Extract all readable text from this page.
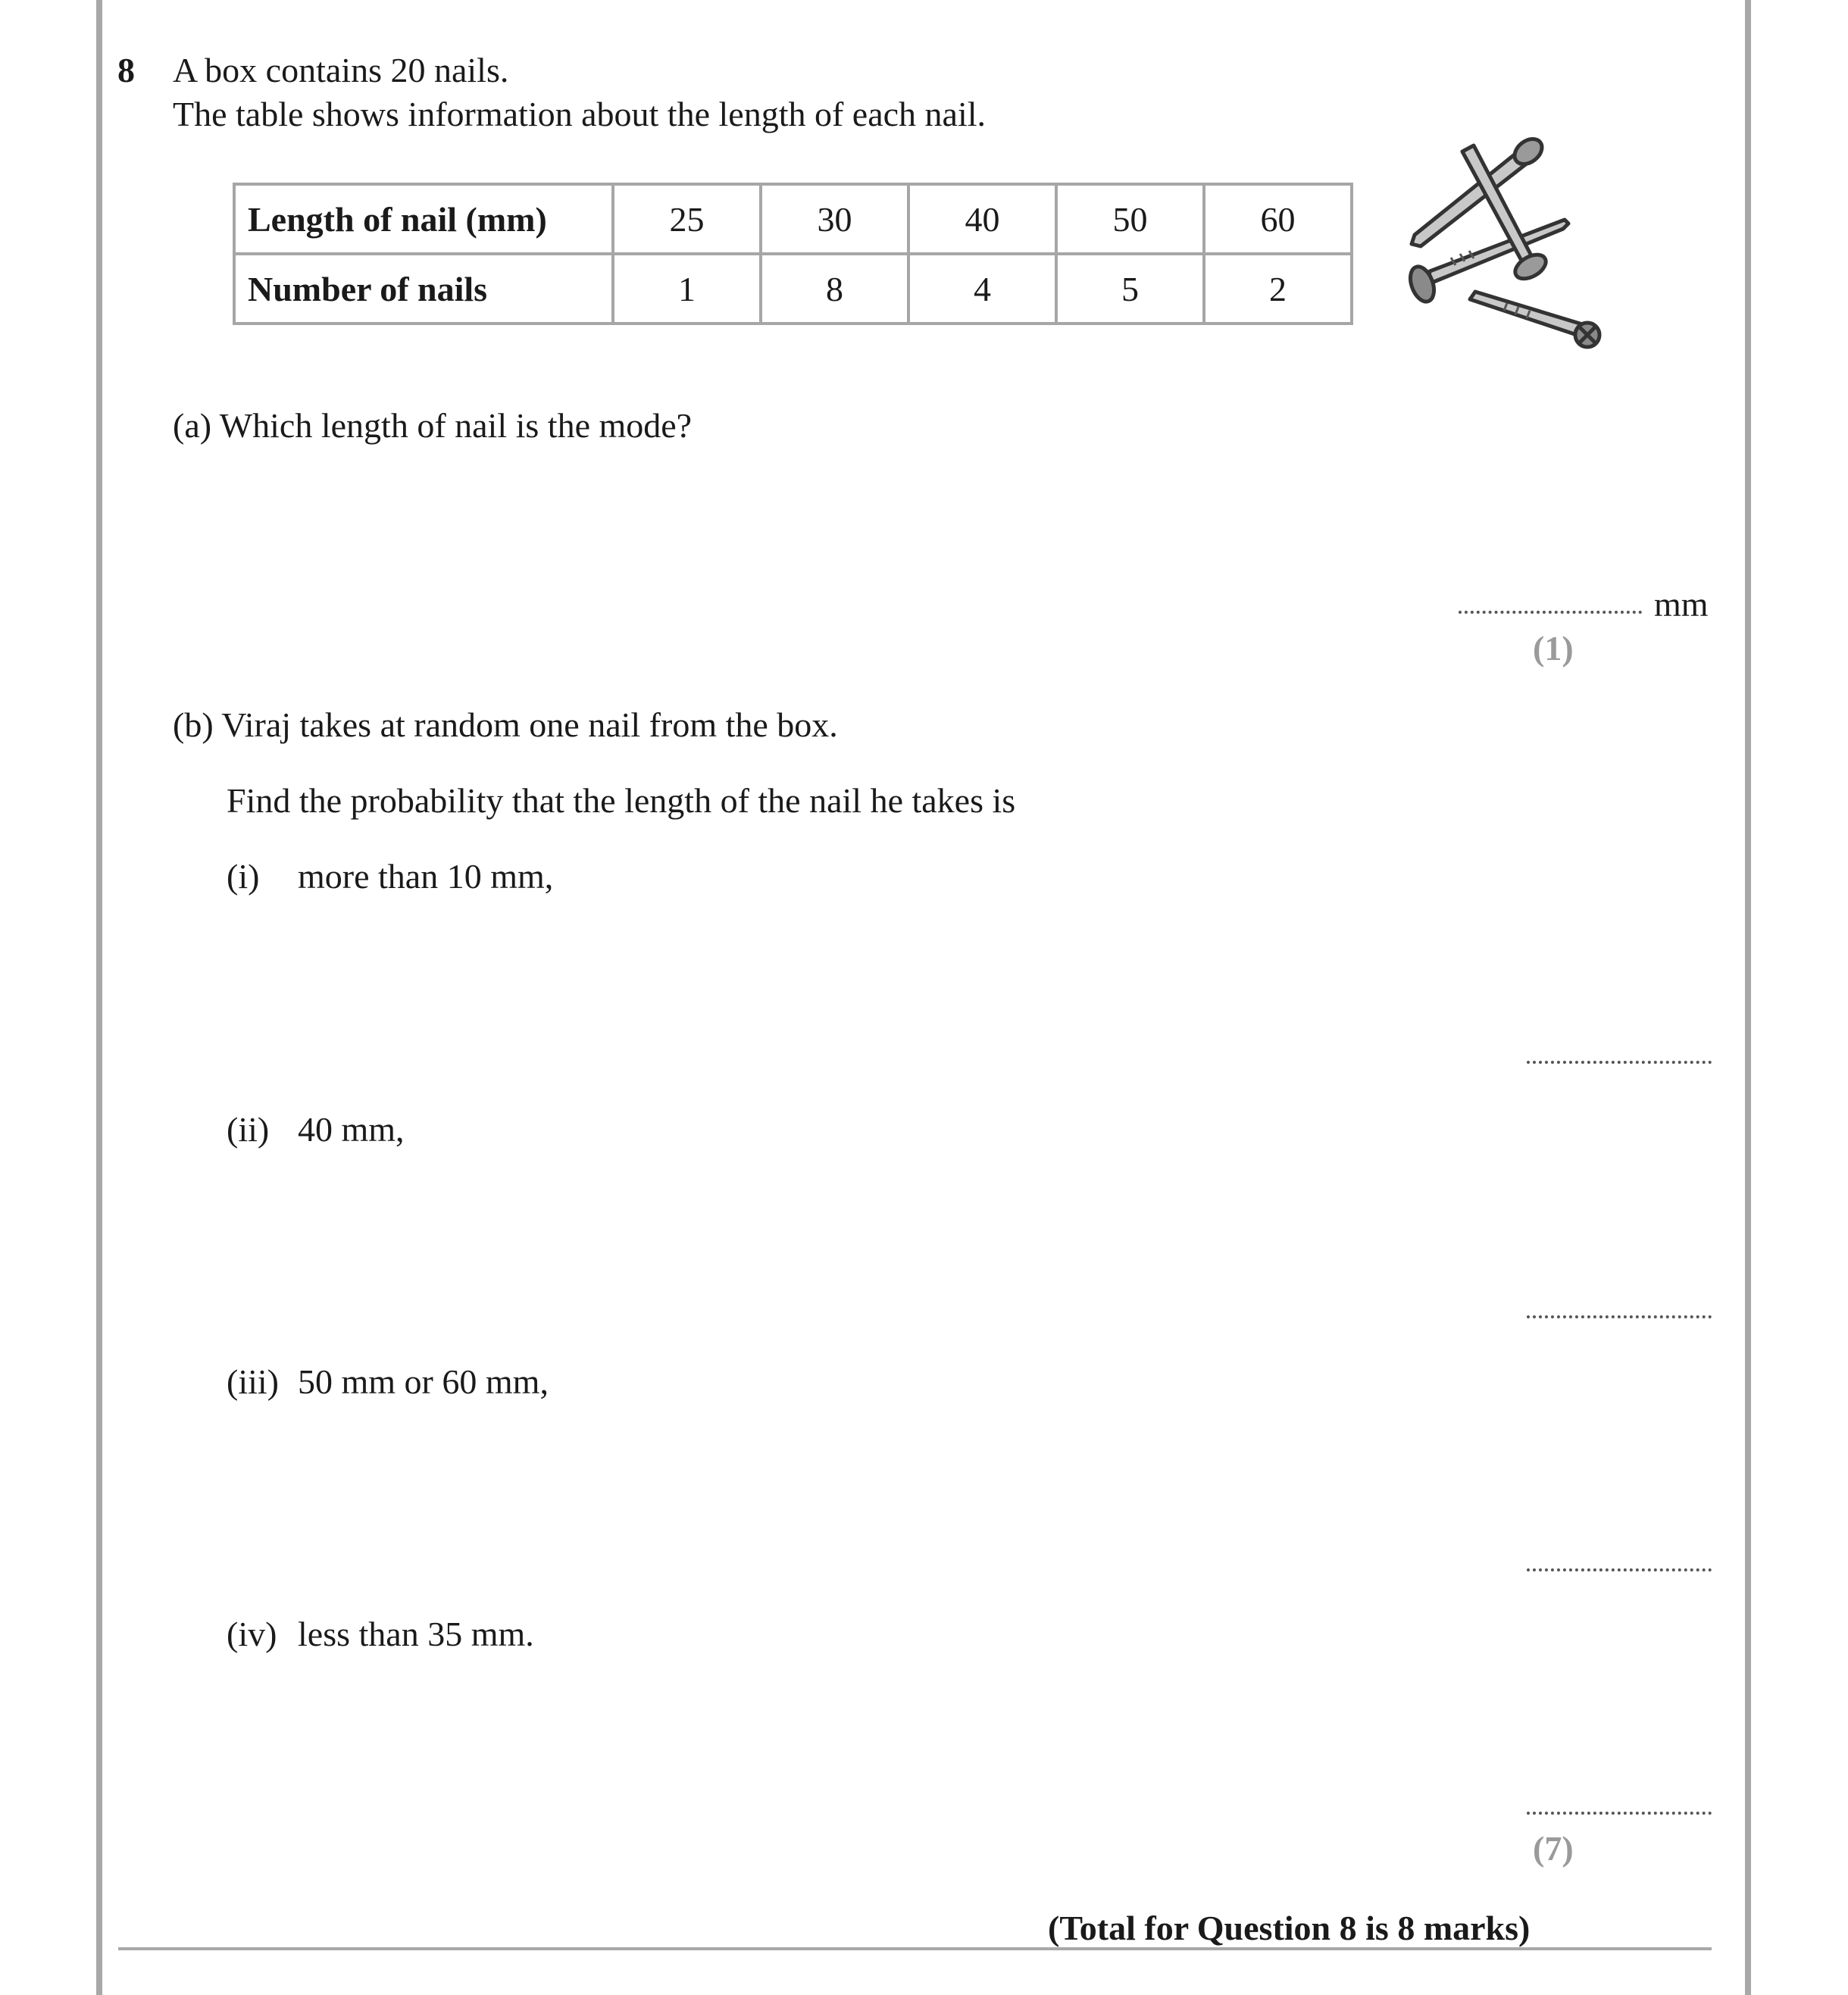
8 A box contains 20 nails.
The table shows information about the length of each nail.
Length of nail (mm)	25	30	40	50	60
Number of nails	1	8	4	5	2
(a) Which length of nail is the mode?
mm
(1)
(b) Viraj takes at random one nail from the box.
Find the probability that the length of the nail he takes is
(i) more than 10 mm,
(ii) 40 mm,
(iii) 50 mm or 60 mm,
(iv) less than 35 mm.
(7)
(Total for Question 8 is 8 marks)
